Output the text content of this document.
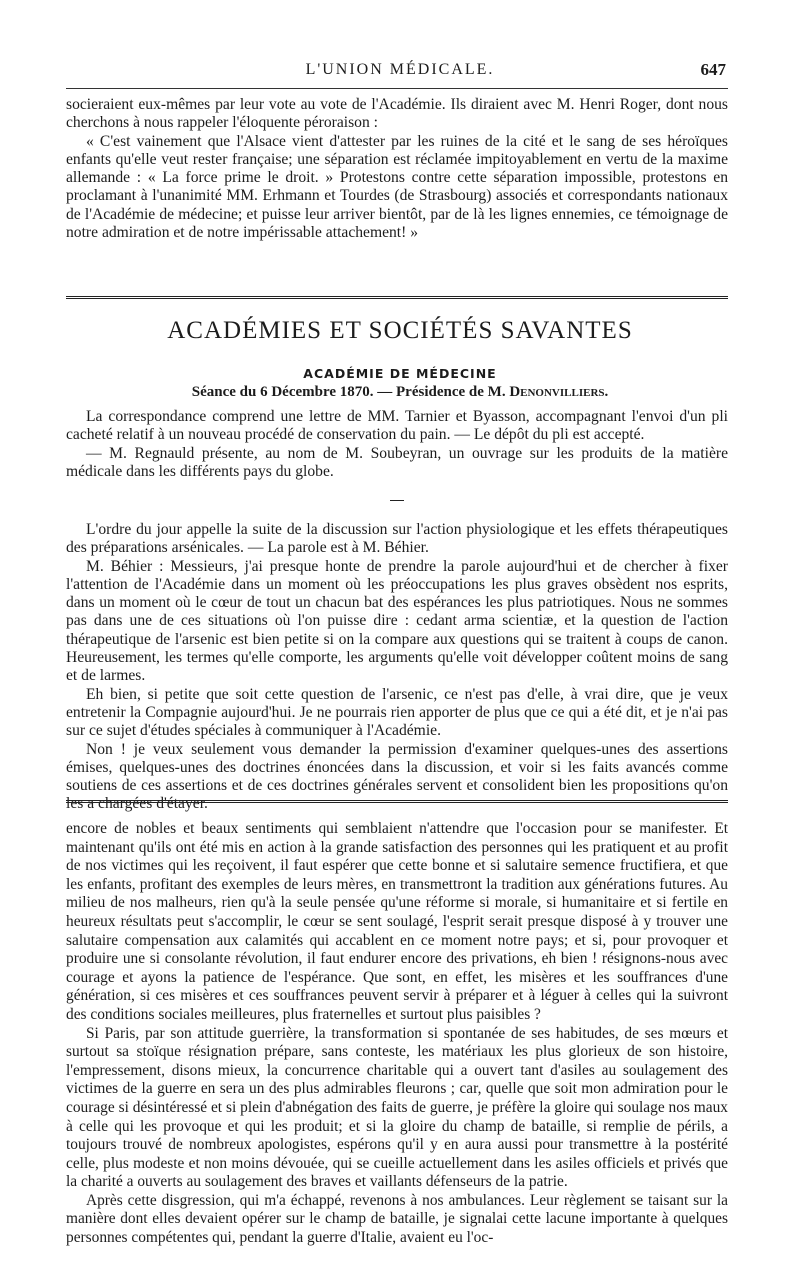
L'UNION MÉDICALE.	647

socieraient eux-mêmes par leur vote au vote de l'Académie. Ils diraient avec M. Henri Roger, dont nous cherchons à nous rappeler l'éloquente péroraison :

« C'est vainement que l'Alsace vient d'attester par les ruines de la cité et le sang de ses héroïques enfants qu'elle veut rester française; une séparation est réclamée impitoyablement en vertu de la maxime allemande : « La force prime le droit. » Protestons contre cette séparation impossible, protestons en proclamant à l'unanimité MM. Erhmann et Tourdes (de Strasbourg) associés et correspondants nationaux de l'Académie de médecine; et puisse leur arriver bientôt, par de là les lignes ennemies, ce témoignage de notre admiration et de notre impérissable attachement! »

ACADÉMIES ET SOCIÉTÉS SAVANTES
ACADÉMIE DE MÉDECINE
Séance du 6 Décembre 1870. — Présidence de M. Denonvilliers.

La correspondance comprend une lettre de MM. Tarnier et Byasson, accompagnant l'envoi d'un pli cacheté relatif à un nouveau procédé de conservation du pain. — Le dépôt du pli est accepté.

— M. Regnauld présente, au nom de M. Soubeyran, un ouvrage sur les produits de la matière médicale dans les différents pays du globe.

L'ordre du jour appelle la suite de la discussion sur l'action physiologique et les effets thérapeutiques des préparations arsénicales. — La parole est à M. Béhier.

M. Béhier : Messieurs, j'ai presque honte de prendre la parole aujourd'hui et de chercher à fixer l'attention de l'Académie dans un moment où les préoccupations les plus graves obsèdent nos esprits, dans un moment où le cœur de tout un chacun bat des espérances les plus patriotiques. Nous ne sommes pas dans une de ces situations où l'on puisse dire : cedant arma scientiæ, et la question de l'action thérapeutique de l'arsenic est bien petite si on la compare aux questions qui se traitent à coups de canon. Heureusement, les termes qu'elle comporte, les arguments qu'elle voit développer coûtent moins de sang et de larmes.

Eh bien, si petite que soit cette question de l'arsenic, ce n'est pas d'elle, à vrai dire, que je veux entretenir la Compagnie aujourd'hui. Je ne pourrais rien apporter de plus que ce qui a été dit, et je n'ai pas sur ce sujet d'études spéciales à communiquer à l'Académie.

Non ! je veux seulement vous demander la permission d'examiner quelques-unes des assertions émises, quelques-unes des doctrines énoncées dans la discussion, et voir si les faits avancés comme soutiens de ces assertions et de ces doctrines générales servent et consolident bien les propositions qu'on les a chargées d'étayer.

encore de nobles et beaux sentiments qui semblaient n'attendre que l'occasion pour se manifester. Et maintenant qu'ils ont été mis en action à la grande satisfaction des personnes qui les pratiquent et au profit de nos victimes qui les reçoivent, il faut espérer que cette bonne et si salutaire semence fructifiera, et que les enfants, profitant des exemples de leurs mères, en transmettront la tradition aux générations futures. Au milieu de nos malheurs, rien qu'à la seule pensée qu'une réforme si morale, si humanitaire et si fertile en heureux résultats peut s'accomplir, le cœur se sent soulagé, l'esprit serait presque disposé à y trouver une salutaire compensation aux calamités qui accablent en ce moment notre pays; et si, pour provoquer et produire une si consolante révolution, il faut endurer encore des privations, eh bien ! résignons-nous avec courage et ayons la patience de l'espérance. Que sont, en effet, les misères et les souffrances d'une génération, si ces misères et ces souffrances peuvent servir à préparer et à léguer à celles qui la suivront des conditions sociales meilleures, plus fraternelles et surtout plus paisibles ?

Si Paris, par son attitude guerrière, la transformation si spontanée de ses habitudes, de ses mœurs et surtout sa stoïque résignation prépare, sans conteste, les matériaux les plus glorieux de son histoire, l'empressement, disons mieux, la concurrence charitable qui a ouvert tant d'asiles au soulagement des victimes de la guerre en sera un des plus admirables fleurons ; car, quelle que soit mon admiration pour le courage si désintéressé et si plein d'abnégation des faits de guerre, je préfère la gloire qui soulage nos maux à celle qui les provoque et qui les produit; et si la gloire du champ de bataille, si remplie de périls, a toujours trouvé de nombreux apologistes, espérons qu'il y en aura aussi pour transmettre à la postérité celle, plus modeste et non moins dévouée, qui se cueille actuellement dans les asiles officiels et privés que la charité a ouverts au soulagement des braves et vaillants défenseurs de la patrie.

Après cette disgression, qui m'a échappé, revenons à nos ambulances. Leur règlement se taisant sur la manière dont elles devaient opérer sur le champ de bataille, je signalai cette lacune importante à quelques personnes compétentes qui, pendant la guerre d'Italie, avaient eu l'oc-
